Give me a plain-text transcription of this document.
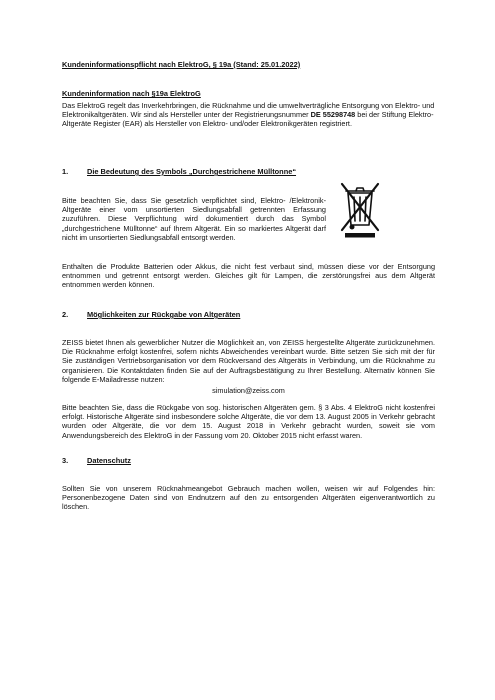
Kundeninformationspflicht nach ElektroG, § 19a (Stand: 25.01.2022)
Kundeninformation nach §19a ElektroG

Das ElektroG regelt das Inverkehrbringen, die Rücknahme und die umweltverträgliche Entsorgung von Elektro- und Elektronikaltgeräten. Wir sind als Hersteller unter der Registrierungsnummer DE 55298748 bei der Stiftung Elektro-Altgeräte Register (EAR) als Hersteller von Elektro- und/oder Elektronikgeräten registriert.

1.	Die Bedeutung des Symbols „Durchgestrichene Mülltonne“

Bitte beachten Sie, dass Sie gesetzlich verpflichtet sind, Elektro- /Elektronik-Altgeräte einer vom unsortierten Siedlungsabfall getrennten Erfassung zuzuführen. Diese Verpflichtung wird dokumentiert durch das Symbol „durchgestrichene Mülltonne“ auf Ihrem Altgerät. Ein so markiertes Altgerät darf nicht im unsortierten Siedlungsabfall entsorgt werden.

Enthalten die Produkte Batterien oder Akkus, die nicht fest verbaut sind, müssen diese vor der Entsorgung entnommen und getrennt entsorgt werden. Gleiches gilt für Lampen, die zerstörungsfrei aus dem Altgerät entnommen werden können.

2.	Möglichkeiten zur Rückgabe von Altgeräten

ZEISS bietet Ihnen als gewerblicher Nutzer die Möglichkeit an, von ZEISS hergestellte Altgeräte zurückzunehmen. Die Rücknahme erfolgt kostenfrei, sofern nichts Abweichendes vereinbart wurde. Bitte setzen Sie sich mit der für Sie zuständigen Vertriebsorganisation vor dem Rückversand des Altgeräts in Verbindung, um die Rücknahme zu organisieren. Die Kontaktdaten finden Sie auf der Auftragsbestätigung zu Ihrer Bestellung. Alternativ können Sie folgende E-Mailadresse nutzen:

simulation@zeiss.com

Bitte beachten Sie, dass die Rückgabe von sog. historischen Altgeräten gem. § 3 Abs. 4 ElektroG nicht kostenfrei erfolgt. Historische Altgeräte sind insbesondere solche Altgeräte, die vor dem 13. August 2005 in Verkehr gebracht wurden oder Altgeräte, die vor dem 15. August 2018 in Verkehr gebracht wurden, soweit sie vom Anwendungsbereich des ElektroG in der Fassung vom 20. Oktober 2015 nicht erfasst waren.

3.	Datenschutz

Sollten Sie von unserem Rücknahmeangebot Gebrauch machen wollen, weisen wir auf Folgendes hin: Personenbezogene Daten sind von Endnutzern auf den zu entsorgenden Altgeräten eigenverantwortlich zu löschen.
